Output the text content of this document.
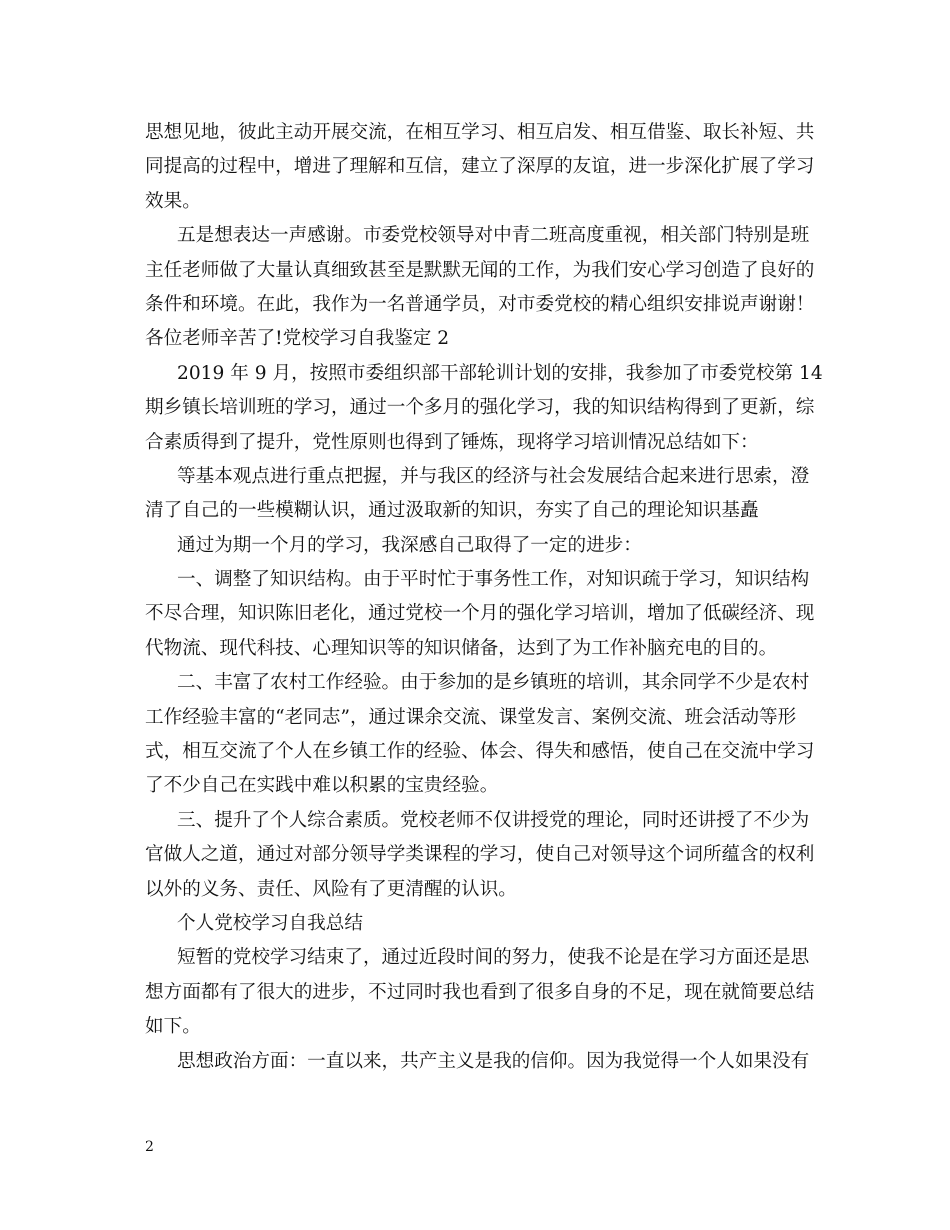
思想见地，彼此主动开展交流，在相互学习、相互启发、相互借鉴、取长补短、共
同提高的过程中，增进了理解和互信，建立了深厚的友谊，进一步深化扩展了学习
效果。
五是想表达一声感谢。市委党校领导对中青二班高度重视，相关部门特别是班
主任老师做了大量认真细致甚至是默默无闻的工作，为我们安心学习创造了良好的
条件和环境。在此，我作为一名普通学员，对市委党校的精心组织安排说声谢谢！
各位老师辛苦了!党校学习自我鉴定 2
2019 年 9 月，按照市委组织部干部轮训计划的安排，我参加了市委党校第 14
期乡镇长培训班的学习，通过一个多月的强化学习，我的知识结构得到了更新，综
合素质得到了提升，党性原则也得到了锤炼，现将学习培训情况总结如下：
等基本观点进行重点把握，并与我区的经济与社会发展结合起来进行思索，澄
清了自己的一些模糊认识，通过汲取新的知识，夯实了自己的理论知识基矗
通过为期一个月的学习，我深感自己取得了一定的进步：
一、调整了知识结构。由于平时忙于事务性工作，对知识疏于学习，知识结构
不尽合理，知识陈旧老化，通过党校一个月的强化学习培训，增加了低碳经济、现
代物流、现代科技、心理知识等的知识储备，达到了为工作补脑充电的目的。
二、丰富了农村工作经验。由于参加的是乡镇班的培训，其余同学不少是农村
工作经验丰富的“老同志”，通过课余交流、课堂发言、案例交流、班会活动等形
式，相互交流了个人在乡镇工作的经验、体会、得失和感悟，使自己在交流中学习
了不少自己在实践中难以积累的宝贵经验。
三、提升了个人综合素质。党校老师不仅讲授党的理论，同时还讲授了不少为
官做人之道，通过对部分领导学类课程的学习，使自己对领导这个词所蕴含的权利
以外的义务、责任、风险有了更清醒的认识。
个人党校学习自我总结
短暂的党校学习结束了，通过近段时间的努力，使我不论是在学习方面还是思
想方面都有了很大的进步，不过同时我也看到了很多自身的不足，现在就简要总结
如下。
思想政治方面：一直以来，共产主义是我的信仰。因为我觉得一个人如果没有
2
